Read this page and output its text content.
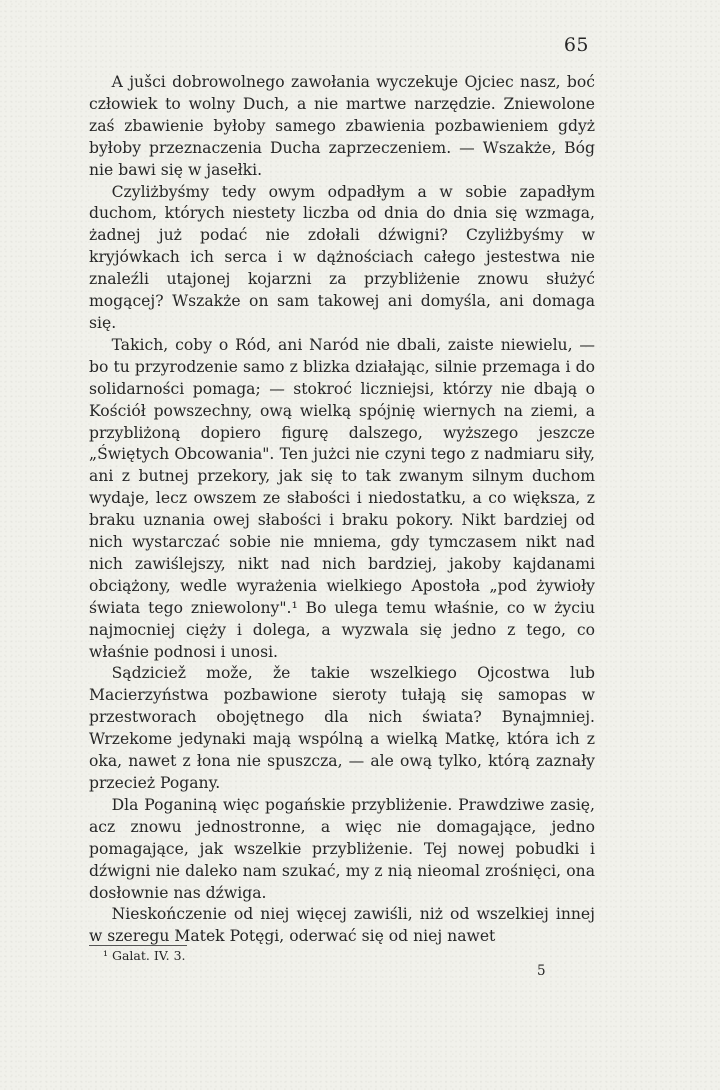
65

A jušci dobrowolnego zawołania wyczekuje Ojciec nasz, boć człowiek to wolny Duch, a nie martwe narzędzie. Zniewolone zaś zbawienie byłoby samego zbawienia pozbawieniem gdyż byłoby przeznaczenia Ducha zaprzeczeniem. — Wszakże, Bóg nie bawi się w jasełki.

Czyliżbyśmy tedy owym odpadłym a w sobie zapadłym duchom, których niestety liczba od dnia do dnia się wzmaga, żadnej już podać nie zdołali dźwigni? Czyliżbyśmy w kryjówkach ich serca i w dążnościach całego jestestwa nie znaleźli utajonej kojarzni za przybliżenie znowu służyć mogącej? Wszakże on sam takowej ani domyśla, ani domaga się.

Takich, coby o Ród, ani Naród nie dbali, zaiste niewielu, — bo tu przyrodzenie samo z blizka działając, silnie przemaga i do solidarności pomaga; — stokroć liczniejsi, którzy nie dbają o Kościół powszechny, ową wielką spójnię wiernych na ziemi, a przybliżoną dopiero figurę dalszego, wyższego jeszcze „Świętych Obcowania". Ten jużci nie czyni tego z nadmiaru siły, ani z butnej przekory, jak się to tak zwanym silnym duchom wydaje, lecz owszem ze słabości i niedostatku, a co większa, z braku uznania owej słabości i braku pokory. Nikt bardziej od nich wystarczać sobie nie mniema, gdy tymczasem nikt nad nich zawiślejszy, nikt nad nich bardziej, jakoby kajdanami obciążony, wedle wyrażenia wielkiego Apostoła „pod żywioły świata tego zniewolony".¹ Bo ulega temu właśnie, co w życiu najmocniej cięży i dolega, a wyzwala się jedno z tego, co właśnie podnosi i unosi.

Sądziciež može, že takie wszelkiego Ojcostwa lub Macierzyństwa pozbawione sieroty tułają się samopas w przestworach obojętnego dla nich świata? Bynajmniej. Wrzekome jedynaki mają wspólną a wielką Matkę, która ich z oka, nawet z łona nie spuszcza, — ale ową tylko, którą zaznały przecież Pogany.

Dla Poganiną więc pogańskie przybliżenie. Prawdziwe zasię, acz znowu jednostronne, a więc nie domagające, jedno pomagające, jak wszelkie przybliżenie. Tej nowej pobudki i dźwigni nie daleko nam szukać, my z nią nieomal zrośnięci, ona dosłownie nas dźwiga.

Nieskończenie od niej więcej zawiśli, niż od wszelkiej innej w szeregu Matek Potęgi, oderwać się od niej nawet

¹ Galat. IV. 3.
5
